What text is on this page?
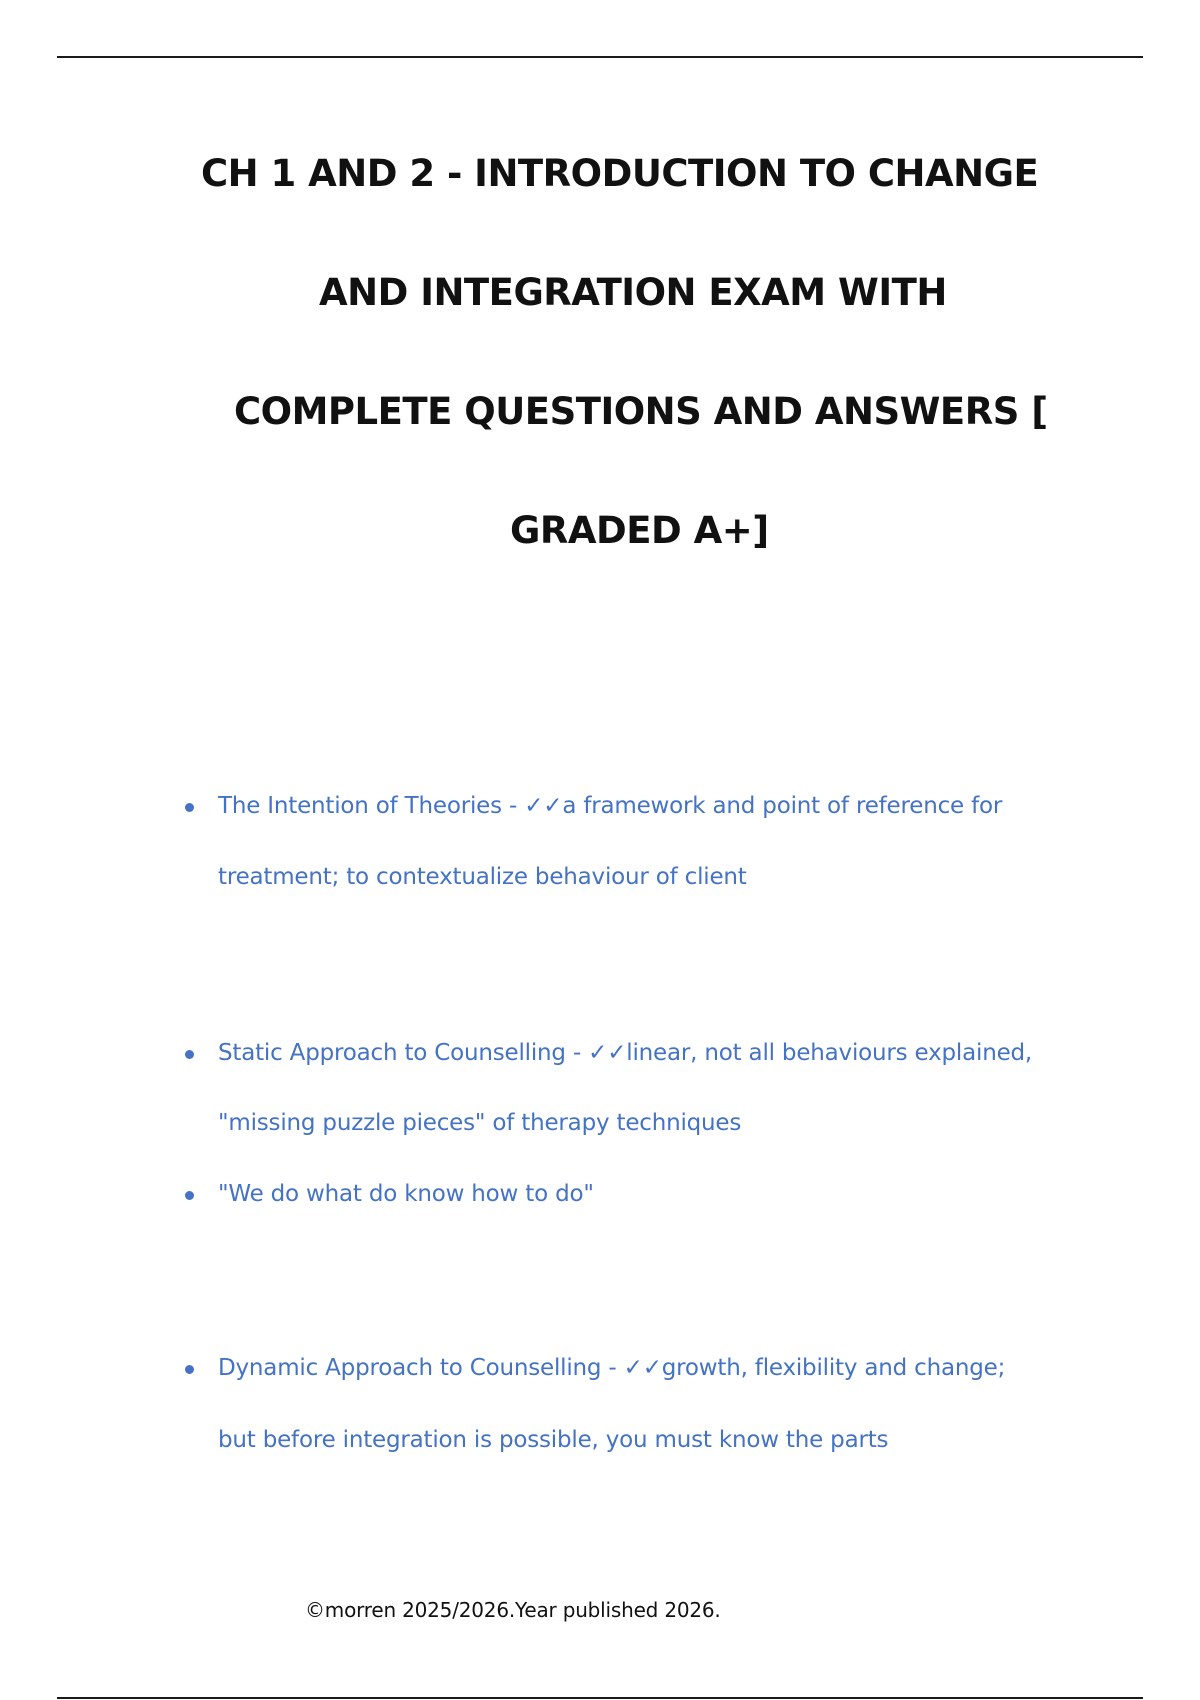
CH 1 AND 2 - INTRODUCTION TO CHANGE
AND INTEGRATION EXAM WITH
COMPLETE QUESTIONS AND ANSWERS [
GRADED A+]
The Intention of Theories - ✓✓a framework and point of reference for
treatment; to contextualize behaviour of client
Static Approach to Counselling - ✓✓linear, not all behaviours explained,
"missing puzzle pieces" of therapy techniques
"We do what do know how to do"
Dynamic Approach to Counselling - ✓✓growth, flexibility and change;
but before integration is possible, you must know the parts
©morren 2025/2026.Year published 2026.
